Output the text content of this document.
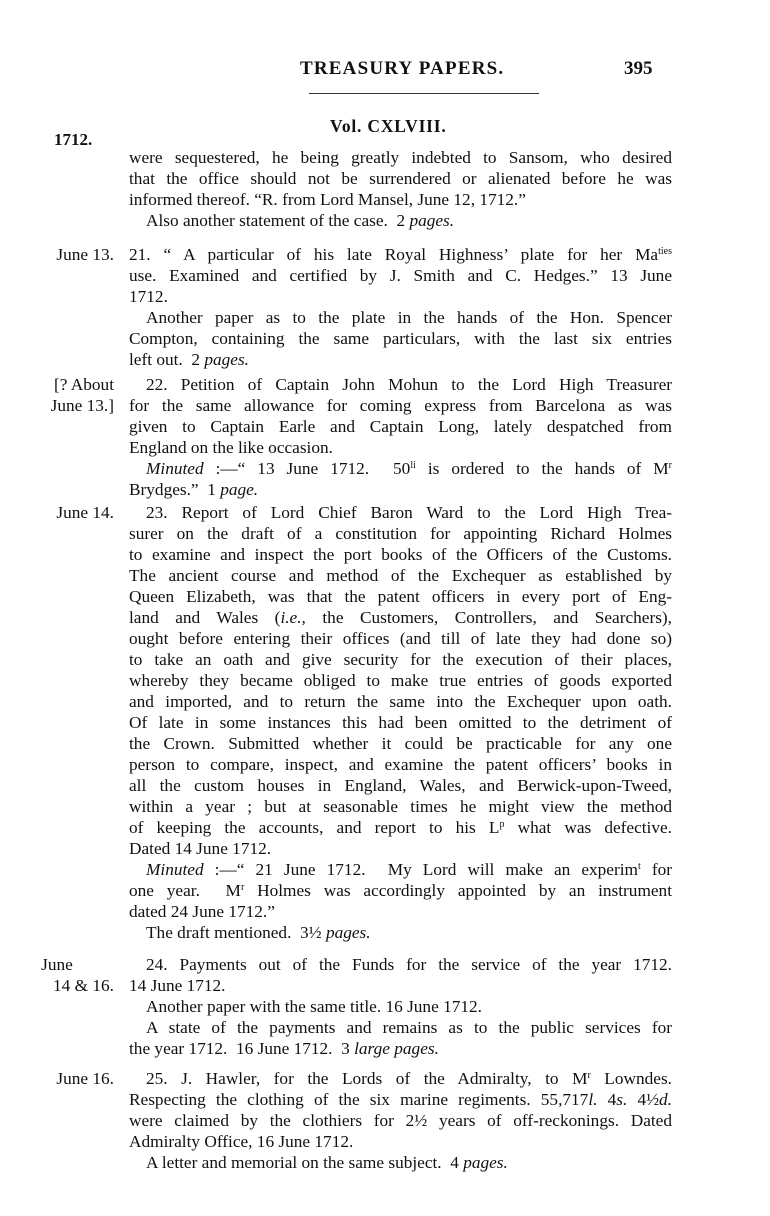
TREASURY PAPERS.	395
1712.
Vol. CXLVIII.
were sequestered, he being greatly indebted to Sansom, who desired
that the office should not be surrendered or alienated before he was
informed thereof. “R. from Lord Mansel, June 12, 1712.”
Also another statement of the case.  2 pages.
June 13. 21. “ A particular of his late Royal Highness’ plate for her $Ma^{ties}$
use. Examined and certified by J. Smith and C. Hedges.” 13 June
1712.
Another paper as to the plate in the hands of the Hon. Spencer
Compton, containing the same particulars, with the last six entries
left out.  2 pages.
[? About
June 13.]
22. Petition of Captain John Mohun to the Lord High Treasurer
for the same allowance for coming express from Barcelona as was
given to Captain Earle and Captain Long, lately despatched from
England on the like occasion.
Minuted :—“ 13 June 1712.  $50^{li}$ is ordered to the hands of $M^r$
Brydges.”  1 page.
June 14. 23. Report of Lord Chief Baron Ward to the Lord High Trea-
surer on the draft of a constitution for appointing Richard Holmes
to examine and inspect the port books of the Officers of the Customs.
The ancient course and method of the Exchequer as established by
Queen Elizabeth, was that the patent officers in every port of Eng-
land and Wales (i.e., the Customers, Controllers, and Searchers),
ought before entering their offices (and till of late they had done so)
to take an oath and give security for the execution of their places,
whereby they became obliged to make true entries of goods exported
and imported, and to return the same into the Exchequer upon oath.
Of late in some instances this had been omitted to the detriment of
the Crown. Submitted whether it could be practicable for any one
person to compare, inspect, and examine the patent officers’ books in
all the custom houses in England, Wales, and Berwick-upon-Tweed,
within a year ; but at seasonable times he might view the method
of keeping the accounts, and report to his $L^p$ what was defective.
Dated 14 June 1712.
Minuted :—“ 21 June 1712.  My Lord will make an experim$^t$ for
one year.  $M^r$ Holmes was accordingly appointed by an instrument
dated 24 June 1712.”
The draft mentioned.  3½ pages.
June
14 & 16.
24. Payments out of the Funds for the service of the year 1712.
14 June 1712.
Another paper with the same title. 16 June 1712.
A state of the payments and remains as to the public services for
the year 1712.  16 June 1712.  3 large pages.
June 16. 25. J. Hawler, for the Lords of the Admiralty, to $M^r$ Lowndes.
Respecting the clothing of the six marine regiments. 55,717l. 4s. 4½d.
were claimed by the clothiers for 2½ years of off-reckonings. Dated
Admiralty Office, 16 June 1712.
A letter and memorial on the same subject.  4 pages.
